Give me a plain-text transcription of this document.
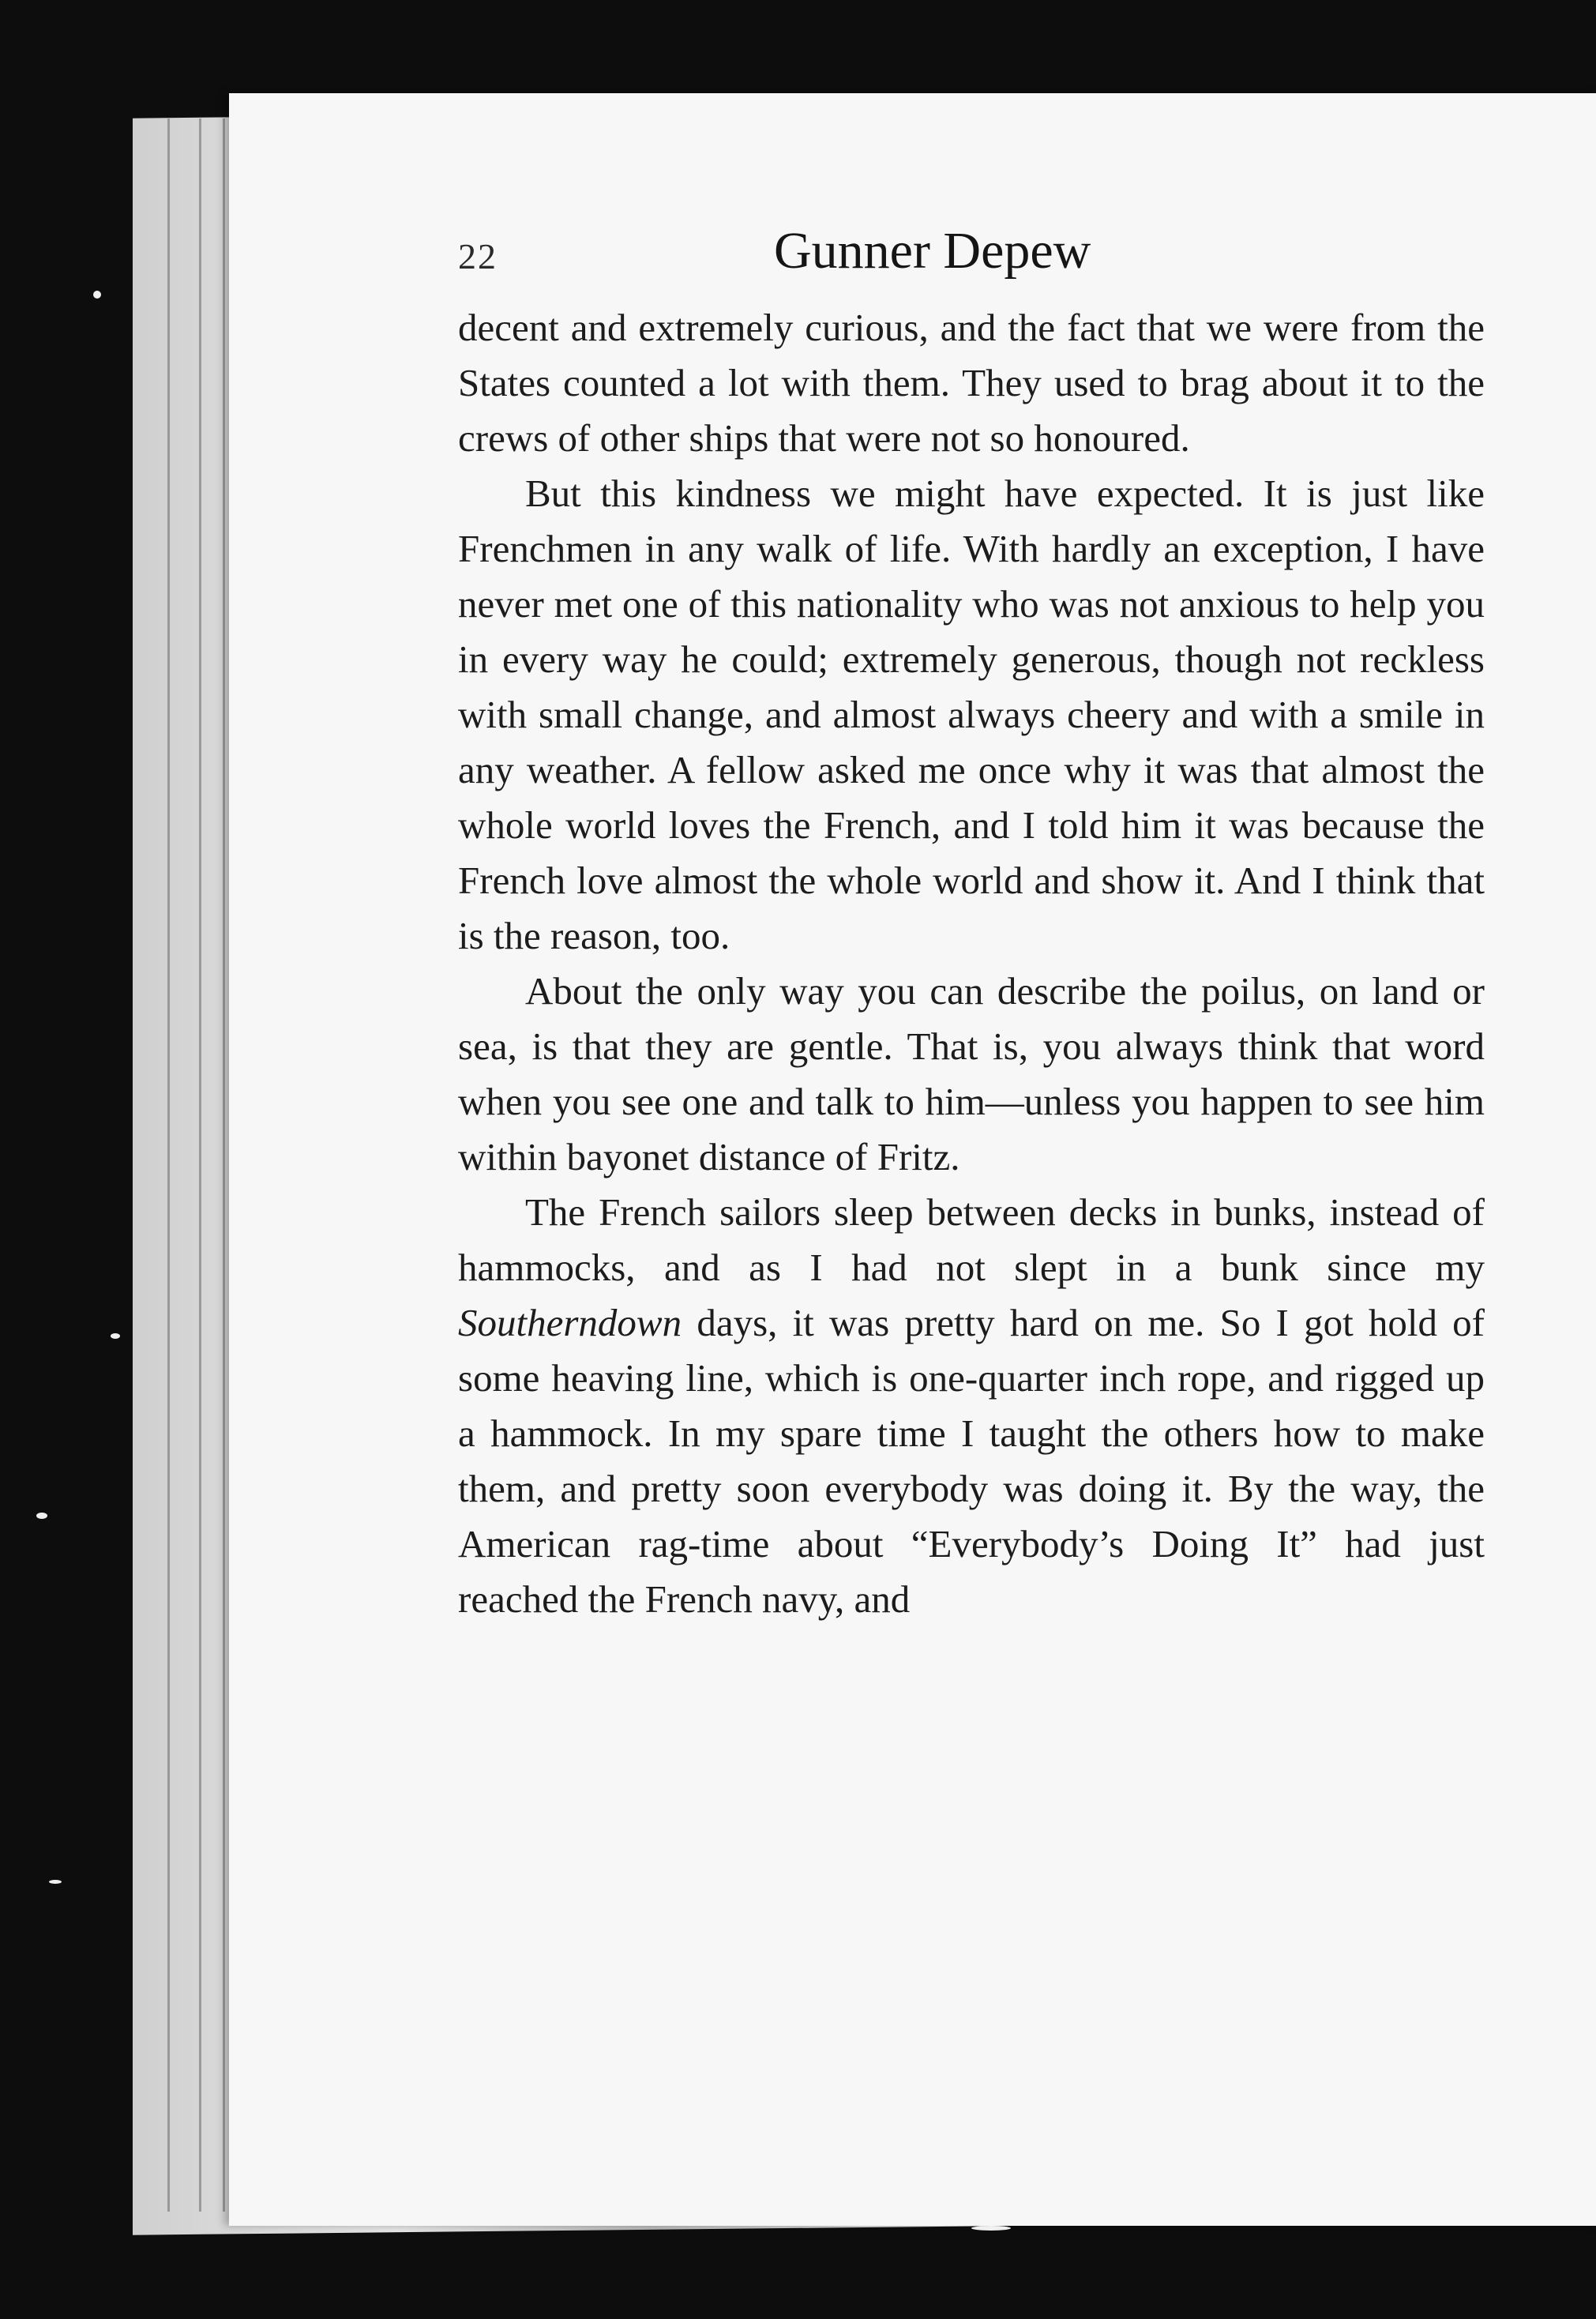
22	Gunner Depew

decent and extremely curious, and the fact that we were from the States counted a lot with them. They used to brag about it to the crews of other ships that were not so honoured.

But this kindness we might have expected. It is just like Frenchmen in any walk of life. With hardly an exception, I have never met one of this nationality who was not anxious to help you in every way he could; extremely generous, though not reckless with small change, and almost always cheery and with a smile in any weather. A fellow asked me once why it was that almost the whole world loves the French, and I told him it was because the French love almost the whole world and show it. And I think that is the reason, too.

About the only way you can describe the poilus, on land or sea, is that they are gentle. That is, you always think that word when you see one and talk to him—unless you happen to see him within bayonet distance of Fritz.

The French sailors sleep between decks in bunks, instead of hammocks, and as I had not slept in a bunk since my Southerndown days, it was pretty hard on me. So I got hold of some heaving line, which is one-quarter inch rope, and rigged up a hammock. In my spare time I taught the others how to make them, and pretty soon everybody was doing it. By the way, the American rag-time about “Everybody’s Doing It” had just reached the French navy, and
